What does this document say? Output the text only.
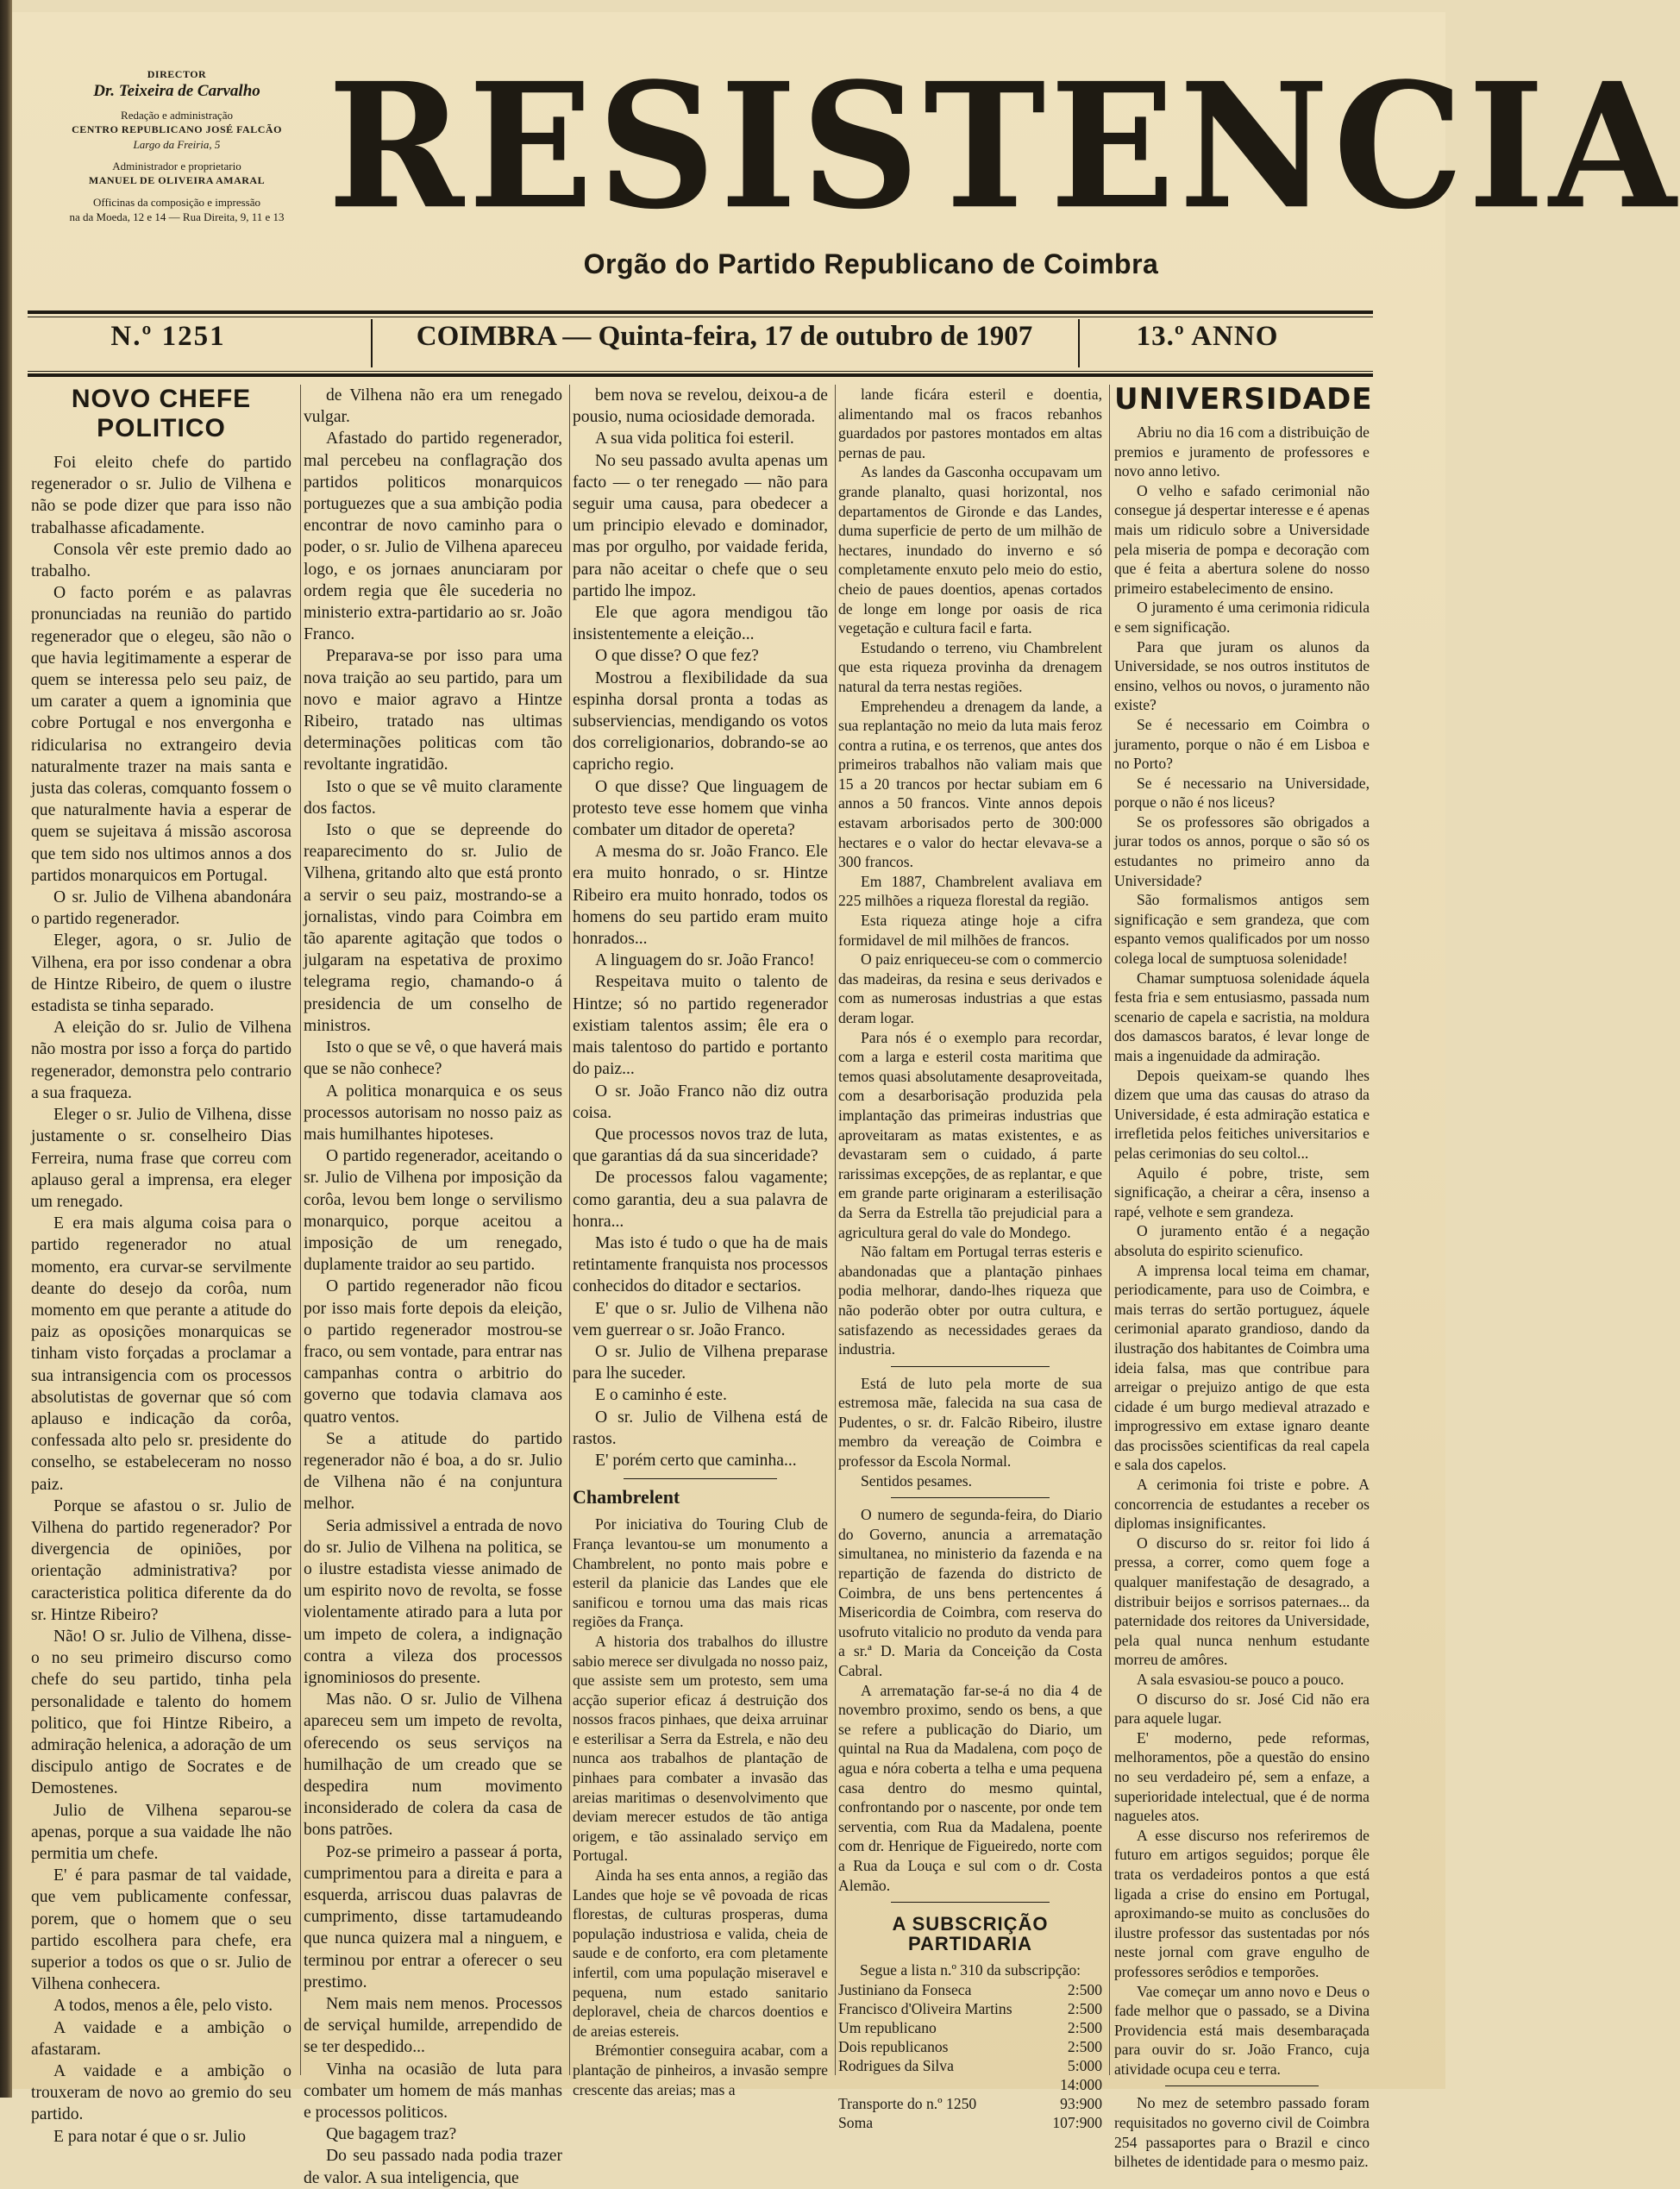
DIRECTOR
Dr. Teixeira de Carvalho
Redação e administração
CENTRO REPUBLICANO JOSÉ FALCÃO
Largo da Freiria, 5
Administrador e proprietario
MANUEL DE OLIVEIRA AMARAL
Officinas da composição e impressão
na da Moeda, 12 e 14 — Rua Direita, 9, 11 e 13 RESISTENCIA
Orgão do Partido Republicano de Coimbra
N.º 1251	COIMBRA — Quinta-feira, 17 de outubro de 1907	13.º ANNO
NOVO CHEFE POLITICO

Foi eleito chefe do partido regenerador o sr. Julio de Vilhena e não se pode dizer que para isso não trabalhasse aficadamente.

Consola vêr este premio dado ao trabalho.

O facto porém e as palavras pronunciadas na reunião do partido regenerador que o elegeu, são não o que havia legitimamente a esperar de quem se interessa pelo seu paiz, de um carater a quem a ignominia que cobre Portugal e nos envergonha e ridicularisa no extrangeiro devia naturalmente trazer na mais santa e justa das coleras, comquanto fossem o que naturalmente havia a esperar de quem se sujeitava á missão ascorosa que tem sido nos ultimos annos a dos partidos monarquicos em Portugal.

O sr. Julio de Vilhena abandonára o partido regenerador.

Eleger, agora, o sr. Julio de Vilhena, era por isso condenar a obra de Hintze Ribeiro, de quem o ilustre estadista se tinha separado.

A eleição do sr. Julio de Vilhena não mostra por isso a força do partido regenerador, demonstra pelo contrario a sua fraqueza.

Eleger o sr. Julio de Vilhena, disse justamente o sr. conselheiro Dias Ferreira, numa frase que correu com aplauso geral a imprensa, era eleger um renegado.

E era mais alguma coisa para o partido regenerador no atual momento, era curvar-se servilmente deante do desejo da corôa, num momento em que perante a atitude do paiz as oposições monarquicas se tinham visto forçadas a proclamar a sua intransigencia com os processos absolutistas de governar que só com aplauso e indicação da corôa, confessada alto pelo sr. presidente do conselho, se estabeleceram no nosso paiz.

Porque se afastou o sr. Julio de Vilhena do partido regenerador? Por divergencia de opiniões, por orientação administrativa? por caracteristica politica diferente da do sr. Hintze Ribeiro?

Não! O sr. Julio de Vilhena, disse-o no seu primeiro discurso como chefe do seu partido, tinha pela personalidade e talento do homem politico, que foi Hintze Ribeiro, a admiração helenica, a adoração de um discipulo antigo de Socrates e de Demostenes.

Julio de Vilhena separou-se apenas, porque a sua vaidade lhe não permitia um chefe.

E' é para pasmar de tal vaidade, que vem publicamente confessar, porem, que o homem que o seu partido escolhera para chefe, era superior a todos os que o sr. Julio de Vilhena conhecera.

A todos, menos a êle, pelo visto.

A vaidade e a ambição o afastaram.

A vaidade e a ambição o trouxeram de novo ao gremio do seu partido.

E para notar é que o sr. Julio

de Vilhena não era um renegado vulgar.

Afastado do partido regenerador, mal percebeu na conflagração dos partidos politicos monarquicos portuguezes que a sua ambição podia encontrar de novo caminho para o poder, o sr. Julio de Vilhena apareceu logo, e os jornaes anunciaram por ordem regia que êle sucederia no ministerio extra-partidario ao sr. João Franco.

Preparava-se por isso para uma nova traição ao seu partido, para um novo e maior agravo a Hintze Ribeiro, tratado nas ultimas determinações politicas com tão revoltante ingratidão.

Isto o que se vê muito claramente dos factos.

Isto o que se depreende do reaparecimento do sr. Julio de Vilhena, gritando alto que está pronto a servir o seu paiz, mostrando-se a jornalistas, vindo para Coimbra em tão aparente agitação que todos o julgaram na espetativa de proximo telegrama regio, chamando-o á presidencia de um conselho de ministros.

Isto o que se vê, o que haverá mais que se não conhece?

A politica monarquica e os seus processos autorisam no nosso paiz as mais humilhantes hipoteses.

O partido regenerador, aceitando o sr. Julio de Vilhena por imposição da corôa, levou bem longe o servilismo monarquico, porque aceitou a imposição de um renegado, duplamente traidor ao seu partido.

O partido regenerador não ficou por isso mais forte depois da eleição, o partido regenerador mostrou-se fraco, ou sem vontade, para entrar nas campanhas contra o arbitrio do governo que todavia clamava aos quatro ventos.

Se a atitude do partido regenerador não é boa, a do sr. Julio de Vilhena não é na conjuntura melhor.

Seria admissivel a entrada de novo do sr. Julio de Vilhena na politica, se o ilustre estadista viesse animado de um espirito novo de revolta, se fosse violentamente atirado para a luta por um impeto de colera, a indignação contra a vileza dos processos ignominiosos do presente.

Mas não. O sr. Julio de Vilhena apareceu sem um impeto de revolta, oferecendo os seus serviços na humilhação de um creado que se despedira num movimento inconsiderado de colera da casa de bons patrões.

Poz-se primeiro a passear á porta, cumprimentou para a direita e para a esquerda, arriscou duas palavras de cumprimento, disse tartamudeando que nunca quizera mal a ninguem, e terminou por entrar a oferecer o seu prestimo.

Nem mais nem menos. Processos de serviçal humilde, arrependido de se ter despedido...

Vinha na ocasião de luta para combater um homem de más manhas e processos politicos.

Que bagagem traz?

Do seu passado nada podia trazer de valor. A sua inteligencia, que

bem nova se revelou, deixou-a de pousio, numa ociosidade demorada.

A sua vida politica foi esteril.

No seu passado avulta apenas um facto — o ter renegado — não para seguir uma causa, para obedecer a um principio elevado e dominador, mas por orgulho, por vaidade ferida, para não aceitar o chefe que o seu partido lhe impoz.

Ele que agora mendigou tão insistentemente a eleição...

O que disse? O que fez?

Mostrou a flexibilidade da sua espinha dorsal pronta a todas as subserviencias, mendigando os votos dos correligionarios, dobrando-se ao capricho regio.

O que disse? Que linguagem de protesto teve esse homem que vinha combater um ditador de opereta?

A mesma do sr. João Franco. Ele era muito honrado, o sr. Hintze Ribeiro era muito honrado, todos os homens do seu partido eram muito honrados...

A linguagem do sr. João Franco!

Respeitava muito o talento de Hintze; só no partido regenerador existiam talentos assim; êle era o mais talentoso do partido e portanto do paiz...

O sr. João Franco não diz outra coisa.

Que processos novos traz de luta, que garantias dá da sua sinceridade?

De processos falou vagamente; como garantia, deu a sua palavra de honra...

Mas isto é tudo o que ha de mais retintamente franquista nos processos conhecidos do ditador e sectarios.

E' que o sr. Julio de Vilhena não vem guerrear o sr. João Franco.

O sr. Julio de Vilhena preparase para lhe suceder.

E o caminho é este.

O sr. Julio de Vilhena está de rastos.

E' porém certo que caminha...

Chambrelent

Por iniciativa do Touring Club de França levantou-se um monumento a Chambrelent, no ponto mais pobre e esteril da planicie das Landes que ele sanificou e tornou uma das mais ricas regiões da França.

A historia dos trabalhos do illustre sabio merece ser divulgada no nosso paiz, que assiste sem um protesto, sem uma acção superior eficaz á destruição dos nossos fracos pinhaes, que deixa arruinar e esterilisar a Serra da Estrela, e não deu nunca aos trabalhos de plantação de pinhaes para combater a invasão das areias maritimas o desenvolvimento que deviam merecer estudos de tão antiga origem, e tão assinalado serviço em Portugal.

Ainda ha ses enta annos, a região das Landes que hoje se vê povoada de ricas florestas, de culturas prosperas, duma população industriosa e valida, cheia de saude e de conforto, era com pletamente infertil, com uma população miseravel e pequena, num estado sanitario deploravel, cheia de charcos doentios e de areias estereis.

Brémontier conseguira acabar, com a plantação de pinheiros, a invasão sempre crescente das areias; mas a

lande ficára esteril e doentia, alimentando mal os fracos rebanhos guardados por pastores montados em altas pernas de pau.

As landes da Gasconha occupavam um grande planalto, quasi horizontal, nos departamentos de Gironde e das Landes, duma superficie de perto de um milhão de hectares, inundado do inverno e só completamente enxuto pelo meio do estio, cheio de paues doentios, apenas cortados de longe em longe por oasis de rica vegetação e cultura facil e farta.

Estudando o terreno, viu Chambrelent que esta riqueza provinha da drenagem natural da terra nestas regiões.

Emprehendeu a drenagem da lande, a sua replantação no meio da luta mais feroz contra a rutina, e os terrenos, que antes dos primeiros trabalhos não valiam mais que 15 a 20 trancos por hectar subiam em 6 annos a 50 francos. Vinte annos depois estavam arborisados perto de 300:000 hectares e o valor do hectar elevava-se a 300 francos.

Em 1887, Chambrelent avaliava em 225 milhões a riqueza florestal da região.

Esta riqueza atinge hoje a cifra formidavel de mil milhões de francos.

O paiz enriqueceu-se com o commercio das madeiras, da resina e seus derivados e com as numerosas industrias a que estas deram logar.

Para nós é o exemplo para recordar, com a larga e esteril costa maritima que temos quasi absolutamente desaproveitada, com a desarborisação produzida pela implantação das primeiras industrias que aproveitaram as matas existentes, e as devastaram sem o cuidado, á parte rarissimas excepções, de as replantar, e que em grande parte originaram a esterilisação da Serra da Estrella tão prejudicial para a agricultura geral do vale do Mondego.

Não faltam em Portugal terras esteris e abandonadas que a plantação pinhaes podia melhorar, dando-lhes riqueza que não poderão obter por outra cultura, e satisfazendo as necessidades geraes da industria.

Está de luto pela morte de sua estremosa mãe, falecida na sua casa de Pudentes, o sr. dr. Falcão Ribeiro, ilustre membro da vereação de Coimbra e professor da Escola Normal.

Sentidos pesames.

O numero de segunda-feira, do Diario do Governo, anuncia a arrematação simultanea, no ministerio da fazenda e na repartição de fazenda do districto de Coimbra, de uns bens pertencentes á Misericordia de Coimbra, com reserva do usofruto vitalicio no produto da venda para a sr.ª D. Maria da Conceição da Costa Cabral.

A arrematação far-se-á no dia 4 de novembro proximo, sendo os bens, a que se refere a publicação do Diario, um quintal na Rua da Madalena, com poço de agua e nóra coberta a telha e uma pequena casa dentro do mesmo quintal, confrontando por o nascente, por onde tem serventia, com Rua da Madalena, poente com dr. Henrique de Figueiredo, norte com a Rua da Louça e sul com o dr. Costa Alemão.

A SUBSCRIÇÃO PARTIDARIA
Segue a lista n.º 310 da subscripção:
Justiniano da Fonseca	2:500
Francisco d'Oliveira Martins	2:500
Um republicano	2:500
Dois republicanos	2:500
Rodrigues da Silva	5:000
	14:000
Transporte do n.º 1250	93:900
Soma	107:900
UNIVERSIDADE

Abriu no dia 16 com a distribuição de premios e juramento de professores e novo anno letivo.

O velho e safado cerimonial não consegue já despertar interesse e é apenas mais um ridiculo sobre a Universidade pela miseria de pompa e decoração com que é feita a abertura solene do nosso primeiro estabelecimento de ensino.

O juramento é uma cerimonia ridicula e sem significação.

Para que juram os alunos da Universidade, se nos outros institutos de ensino, velhos ou novos, o juramento não existe?

Se é necessario em Coimbra o juramento, porque o não é em Lisboa e no Porto?

Se é necessario na Universidade, porque o não é nos liceus?

Se os professores são obrigados a jurar todos os annos, porque o são só os estudantes no primeiro anno da Universidade?

São formalismos antigos sem significação e sem grandeza, que com espanto vemos qualificados por um nosso colega local de sumptuosa solenidade!

Chamar sumptuosa solenidade áquela festa fria e sem entusiasmo, passada num scenario de capela e sacristia, na moldura dos damascos baratos, é levar longe de mais a ingenuidade da admiração.

Depois queixam-se quando lhes dizem que uma das causas do atraso da Universidade, é esta admiração estatica e irrefletida pelos feitiches universitarios e pelas cerimonias do seu coltol...

Aquilo é pobre, triste, sem significação, a cheirar a cêra, insenso a rapé, velhote e sem grandeza.

O juramento então é a negação absoluta do espirito scienufico.

A imprensa local teima em chamar, periodicamente, para uso de Coimbra, e mais terras do sertão portuguez, áquele cerimonial aparato grandioso, dando da ilustração dos habitantes de Coimbra uma ideia falsa, mas que contribue para arreigar o prejuizo antigo de que esta cidade é um burgo medieval atrazado e improgressivo em extase ignaro deante das procissões scientificas da real capela e sala dos capelos.

A cerimonia foi triste e pobre. A concorrencia de estudantes a receber os diplomas insignificantes.

O discurso do sr. reitor foi lido á pressa, a correr, como quem foge a qualquer manifestação de desagrado, a distribuir beijos e sorrisos paternaes... da paternidade dos reitores da Universidade, pela qual nunca nenhum estudante morreu de amôres.

A sala esvasiou-se pouco a pouco.

O discurso do sr. José Cid não era para aquele lugar.

E' moderno, pede reformas, melhoramentos, põe a questão do ensino no seu verdadeiro pé, sem a enfaze, a superioridade intelectual, que é de norma nagueles atos.

A esse discurso nos referiremos de futuro em artigos seguidos; porque êle trata os verdadeiros pontos a que está ligada a crise do ensino em Portugal, aproximando-se muito as conclusões do ilustre professor das sustentadas por nós neste jornal com grave engulho de professores serôdios e temporões.

Vae começar um anno novo e Deus o fade melhor que o passado, se a Divina Providencia está mais desembaraçada para ouvir do sr. João Franco, cuja atividade ocupa ceu e terra.

No mez de setembro passado foram requisitados no governo civil de Coimbra 254 passaportes para o Brazil e cinco bilhetes de identidade para o mesmo paiz.
